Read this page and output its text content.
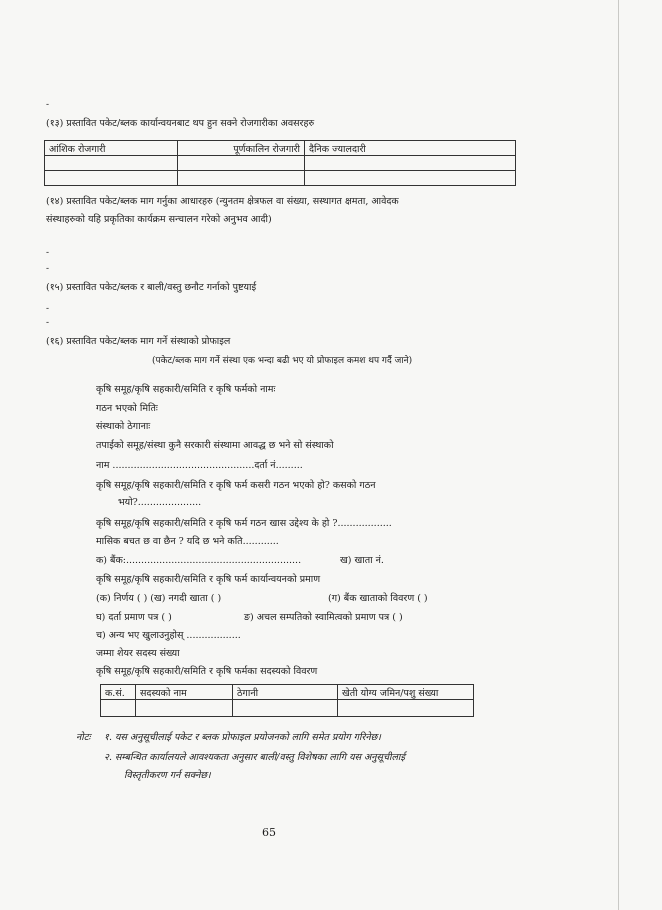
-
(१३) प्रस्तावित पकेट/ब्लक कार्यान्वयनबाट थप हुन सक्ने रोजगारीका अवसरहरु
आंशिक रोजगारी	पूर्णकालिन रोजगारी	दैनिक ज्यालदारी

(१४) प्रस्तावित पकेट/ब्लक माग गर्नुका आधारहरु (न्युनतम क्षेत्रफल वा संख्या, सस्थागत क्षमता, आवेदक
संस्थाहरुको यहि प्रकृतिका कार्यक्रम सन्चालन गरेको अनुभव आदी)
-
-
(१५) प्रस्तावित पकेट/ब्लक र बाली/वस्तु छनौट गर्नाको पुष्टयाई
-
-
(१६) प्रस्तावित पकेट/ब्लक माग गर्ने संस्थाको प्रोफाइल
(पकेट/ब्लक माग गर्ने संस्था एक भन्दा बढी भए यो प्रोफाइल कमश थप गर्दै जाने)
कृषि समूह/कृषि सहकारी/समिति र कृषि फर्मको नामः
गठन भएको मितिः
संस्थाको ठेगानाः
तपाईको समूह/संस्था कुनै सरकारी संस्थामा आवद्ध छ भने सो संस्थाको
नाम ...............................................दर्ता नं.........
कृषि समूह/कृषि सहकारी/समिति र कृषि फर्म कसरी गठन भएको हो? कसको गठन
भयो?.....................
कृषि समूह/कृषि सहकारी/समिति र कृषि फर्म गठन खास उद्देश्य के हो ?..................
मासिक बचत छ वा छैन ? यदि छ भने कति............
क) बैंक:..........................................................	ख) खाता नं.
कृषि समूह/कृषि सहकारी/समिति र कृषि फर्म कार्यान्वयनको प्रमाण
(क) निर्णय ( ) (ख) नगदी खाता ( )	(ग) बैंक खाताको विवरण ( )
घ) दर्ता प्रमाण पत्र ( )	ङ) अचल सम्पतिको स्वामित्वको प्रमाण पत्र ( )
च) अन्य भए खुलाउनुहोस् ..................
जम्मा शेयर सदस्य संख्या
कृषि समूह/कृषि सहकारी/समिति र कृषि फर्मका सदस्यको विवरण
क.सं.	सदस्यको नाम	ठेगानी	खेती योग्य जमिन/पशु संख्या

नोटः १. यस अनुसूचीलाई पकेट र ब्लक प्रोफाइल प्रयोजनको लागि समेत प्रयोग गरिनेछ।
२. सम्बन्धित कार्यालयले आवश्यकता अनुसार बाली/वस्तु विशेषका लागि यस अनुसूचीलाई
विस्तृतीकरण गर्न सक्नेछ।
65
